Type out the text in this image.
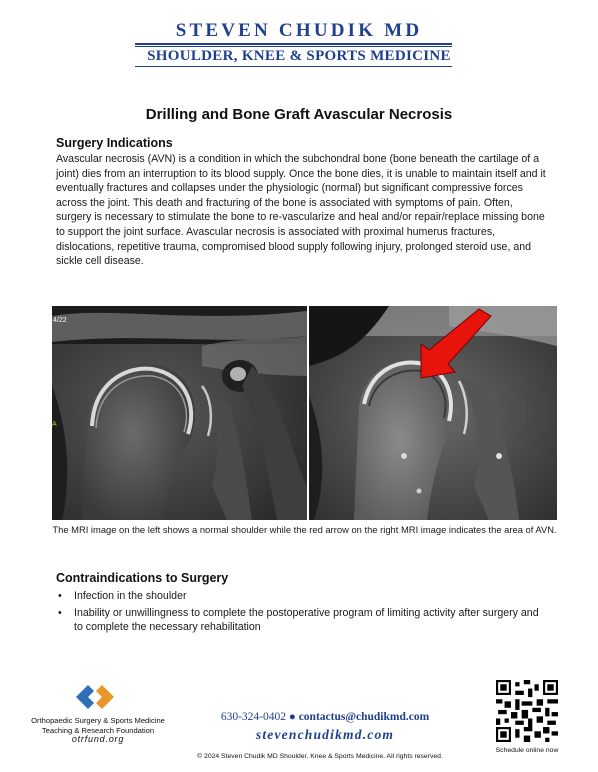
STEVEN CHUDIK MD
SHOULDER, KNEE & SPORTS MEDICINE
Drilling and Bone Graft Avascular Necrosis
Surgery Indications
Avascular necrosis (AVN) is a condition in which the subchondral bone (bone beneath the cartilage of a joint) dies from an interruption to its blood supply. Once the bone dies, it is unable to maintain itself and it eventually fractures and collapses under the physiologic (normal) but significant compressive forces across the joint. This death and fracturing of the bone is associated with symptoms of pain. Often, surgery is necessary to stimulate the bone to re-vascularize and heal and/or repair/replace missing bone to support the joint surface. Avascular necrosis is associated with proximal humerus fractures, dislocations, repetitive trauma, compromised blood supply following injury, prolonged steroid use, and sickle cell disease.
4/22
A
The MRI image on the left shows a normal shoulder while the red arrow on the right MRI image indicates the area of AVN.
Contraindications to Surgery
• Infection in the shoulder
• Inability or unwillingness to complete the postoperative program of limiting activity after surgery and to complete the necessary rehabilitation
Orthopaedic Surgery & Sports Medicine
Teaching & Research Foundation
otrfund.org
630-324-0402 ● contactus@chudikmd.com
stevenchudikmd.com
© 2024 Steven Chudik MD Shoulder, Knee & Sports Medicine. All rights reserved.
Schedule online now
